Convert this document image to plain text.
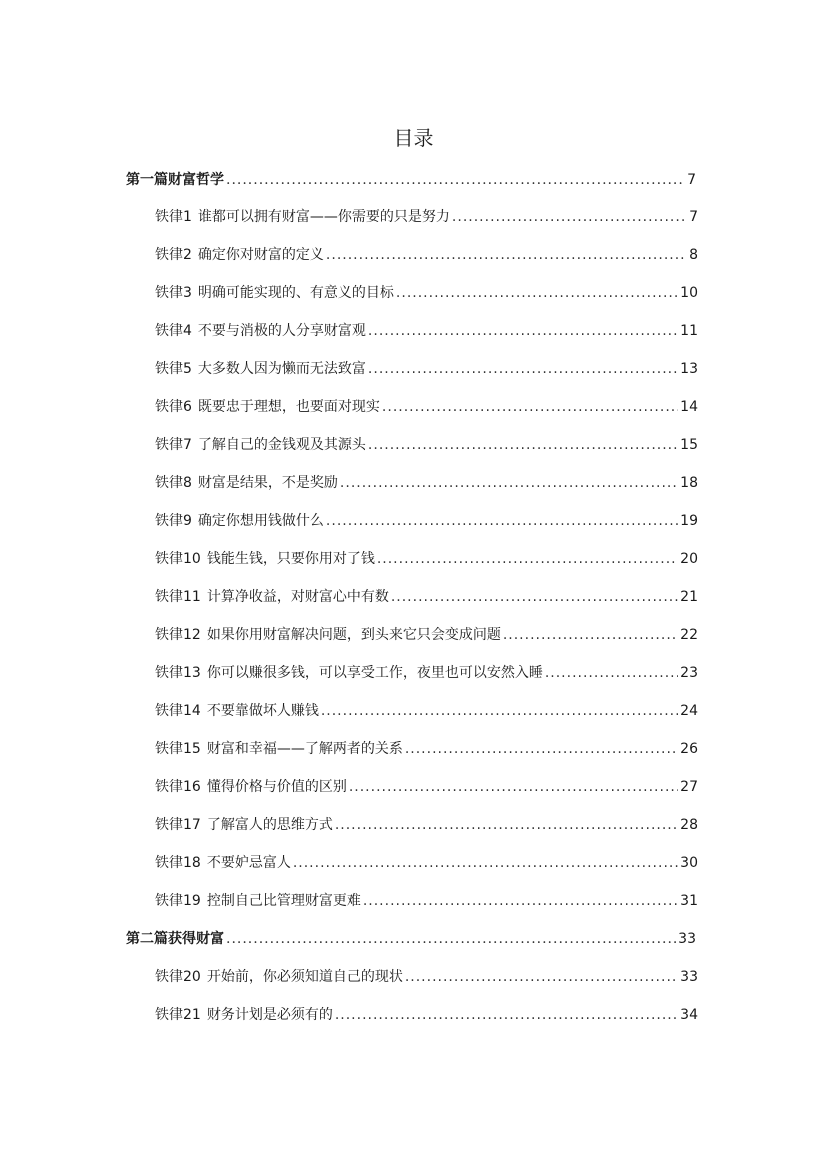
目录
第一篇财富哲学 .....	7
铁律1 谁都可以拥有财富——你需要的只是努力 .....	7
铁律2 确定你对财富的定义 .....	8
铁律3 明确可能实现的、有意义的目标 .....	10
铁律4 不要与消极的人分享财富观 .....	11
铁律5 大多数人因为懒而无法致富 .....	13
铁律6 既要忠于理想，也要面对现实 .....	14
铁律7 了解自己的金钱观及其源头 .....	15
铁律8 财富是结果，不是奖励 .....	18
铁律9 确定你想用钱做什么 .....	19
铁律10 钱能生钱，只要你用对了钱 .....	20
铁律11 计算净收益，对财富心中有数 .....	21
铁律12 如果你用财富解决问题，到头来它只会变成问题 .....	22
铁律13 你可以赚很多钱，可以享受工作，夜里也可以安然入睡 .....	23
铁律14 不要靠做坏人赚钱 .....	24
铁律15 财富和幸福——了解两者的关系 .....	26
铁律16 懂得价格与价值的区别 .....	27
铁律17 了解富人的思维方式 .....	28
铁律18 不要妒忌富人 .....	30
铁律19 控制自己比管理财富更难 .....	31
第二篇获得财富 .....	33
铁律20 开始前，你必须知道自己的现状 .....	33
铁律21 财务计划是必须有的 .....	34
